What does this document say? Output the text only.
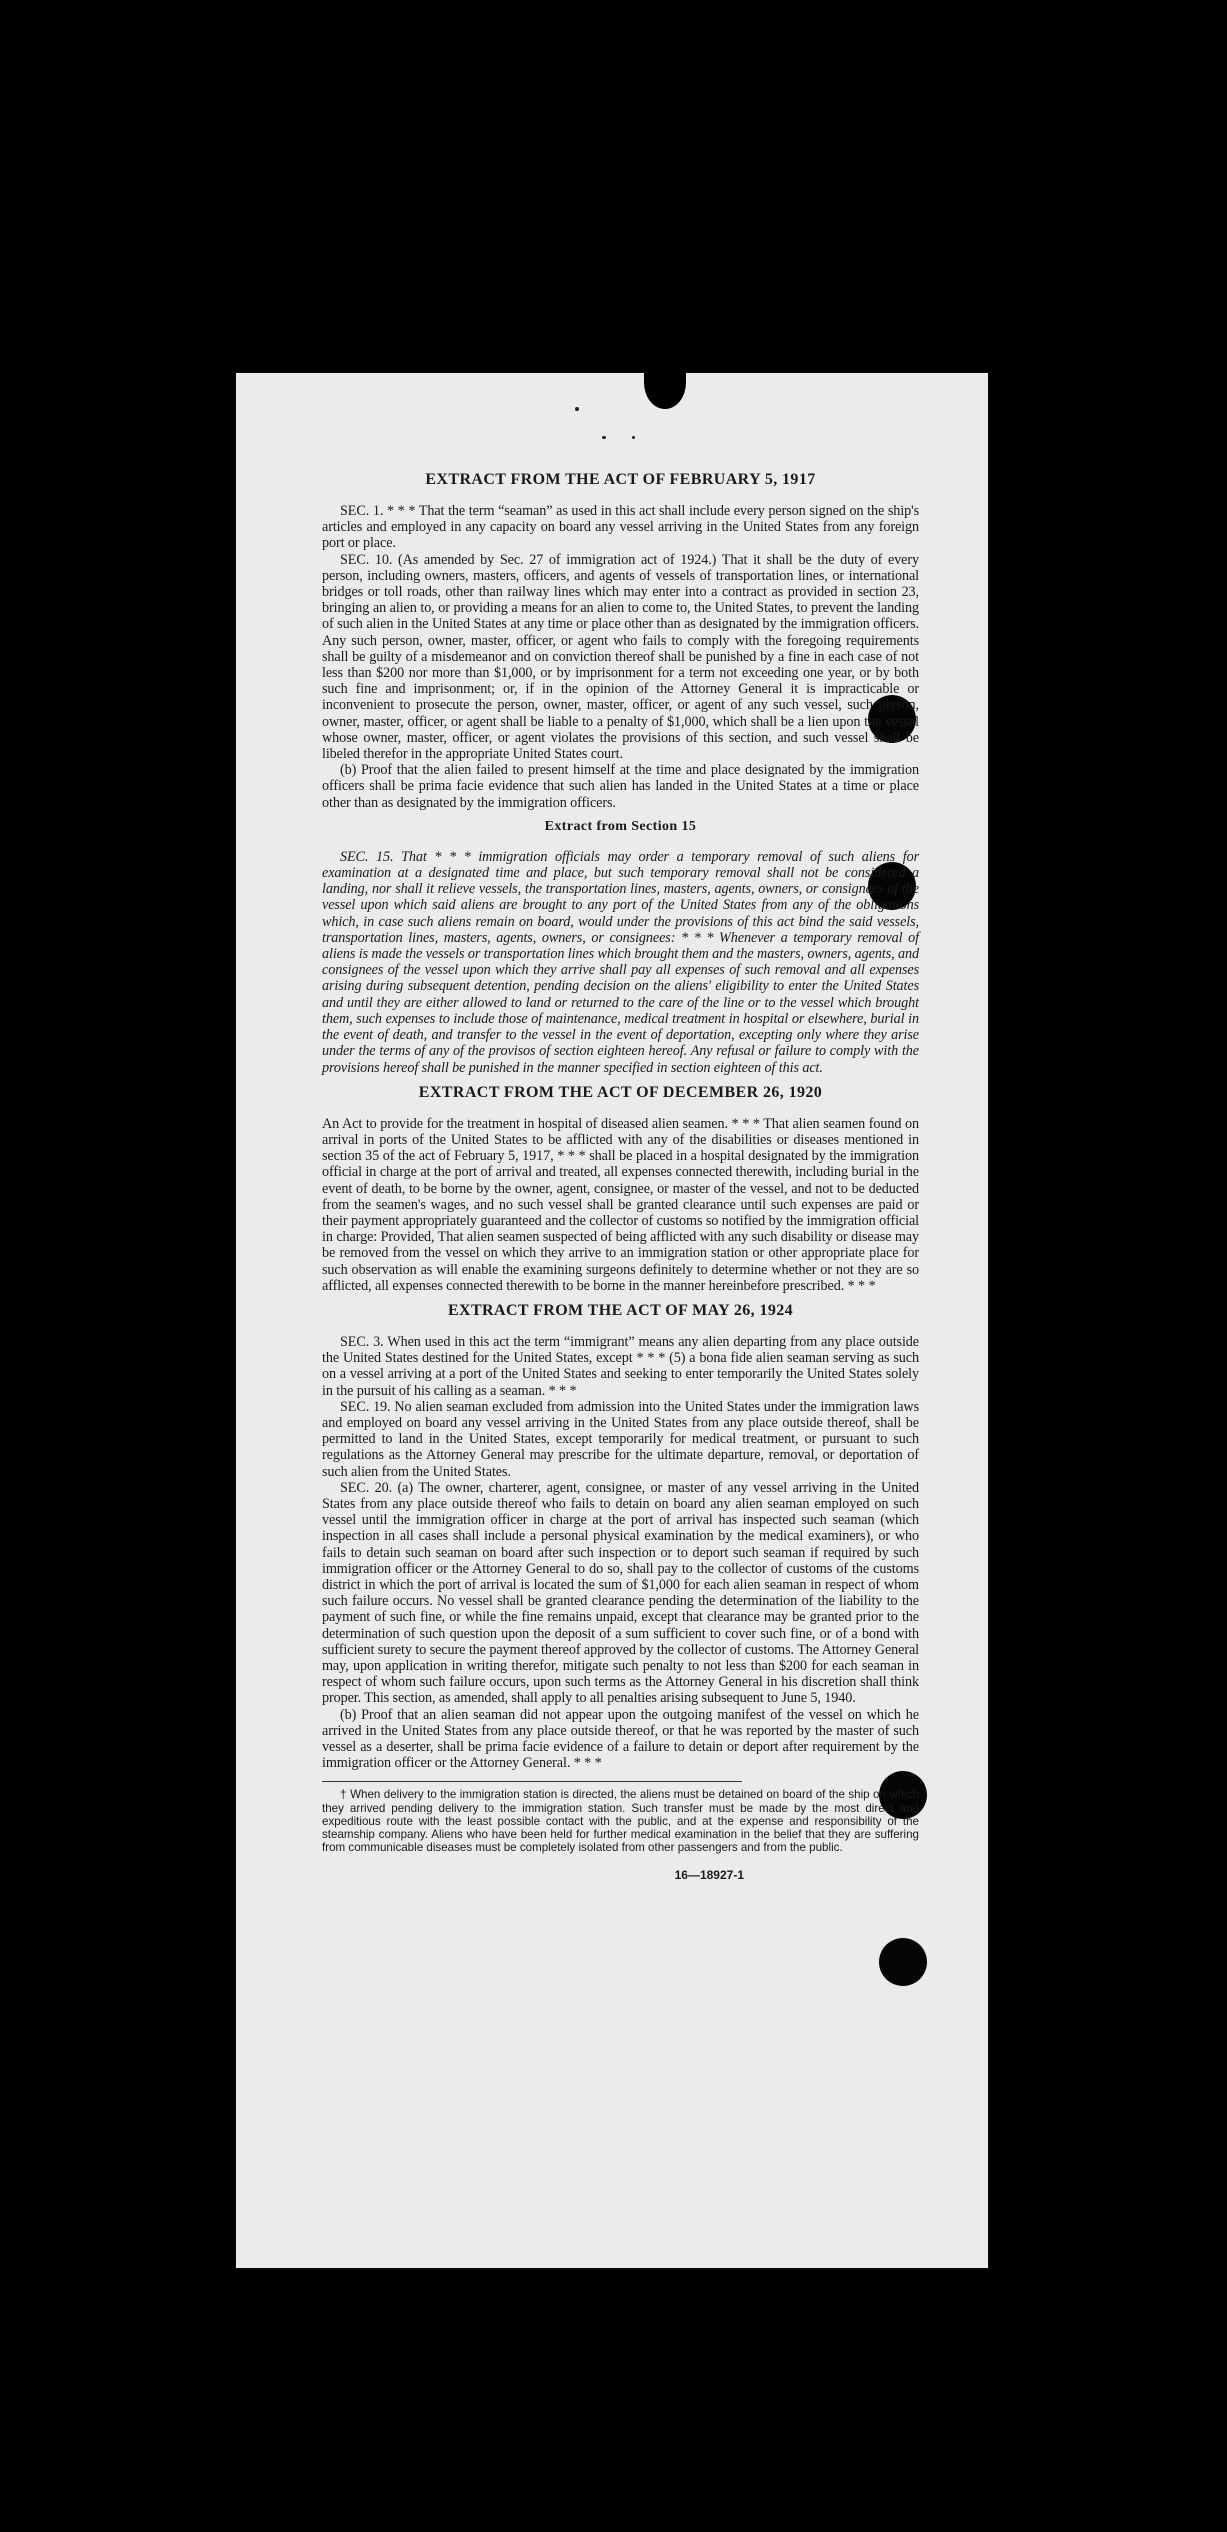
EXTRACT FROM THE ACT OF FEBRUARY 5, 1917

SEC. 1. * * * That the term “seaman” as used in this act shall include every person signed on the ship's articles and employed in any capacity on board any vessel arriving in the United States from any foreign port or place.

SEC. 10. (As amended by Sec. 27 of immigration act of 1924.) That it shall be the duty of every person, including owners, masters, officers, and agents of vessels of transportation lines, or international bridges or toll roads, other than railway lines which may enter into a contract as provided in section 23, bringing an alien to, or providing a means for an alien to come to, the United States, to prevent the landing of such alien in the United States at any time or place other than as designated by the immigration officers. Any such person, owner, master, officer, or agent who fails to comply with the foregoing requirements shall be guilty of a misdemeanor and on conviction thereof shall be punished by a fine in each case of not less than $200 nor more than $1,000, or by imprisonment for a term not exceeding one year, or by both such fine and imprisonment; or, if in the opinion of the Attorney General it is impracticable or inconvenient to prosecute the person, owner, master, officer, or agent of any such vessel, such person, owner, master, officer, or agent shall be liable to a penalty of $1,000, which shall be a lien upon the vessel whose owner, master, officer, or agent violates the provisions of this section, and such vessel shall be libeled therefor in the appropriate United States court.

(b) Proof that the alien failed to present himself at the time and place designated by the immigration officers shall be prima facie evidence that such alien has landed in the United States at a time or place other than as designated by the immigration officers.

Extract from Section 15

SEC. 15. That * * * immigration officials may order a temporary removal of such aliens for examination at a designated time and place, but such temporary removal shall not be considered a landing, nor shall it relieve vessels, the transportation lines, masters, agents, owners, or consignees of the vessel upon which said aliens are brought to any port of the United States from any of the obligations which, in case such aliens remain on board, would under the provisions of this act bind the said vessels, transportation lines, masters, agents, owners, or consignees: * * * Whenever a temporary removal of aliens is made the vessels or transportation lines which brought them and the masters, owners, agents, and consignees of the vessel upon which they arrive shall pay all expenses of such removal and all expenses arising during subsequent detention, pending decision on the aliens' eligibility to enter the United States and until they are either allowed to land or returned to the care of the line or to the vessel which brought them, such expenses to include those of maintenance, medical treatment in hospital or elsewhere, burial in the event of death, and transfer to the vessel in the event of deportation, excepting only where they arise under the terms of any of the provisos of section eighteen hereof. Any refusal or failure to comply with the provisions hereof shall be punished in the manner specified in section eighteen of this act.

EXTRACT FROM THE ACT OF DECEMBER 26, 1920

An Act to provide for the treatment in hospital of diseased alien seamen. * * * That alien seamen found on arrival in ports of the United States to be afflicted with any of the disabilities or diseases mentioned in section 35 of the act of February 5, 1917, * * * shall be placed in a hospital designated by the immigration official in charge at the port of arrival and treated, all expenses connected therewith, including burial in the event of death, to be borne by the owner, agent, consignee, or master of the vessel, and not to be deducted from the seamen's wages, and no such vessel shall be granted clearance until such expenses are paid or their payment appropriately guaranteed and the collector of customs so notified by the immigration official in charge: Provided, That alien seamen suspected of being afflicted with any such disability or disease may be removed from the vessel on which they arrive to an immigration station or other appropriate place for such observation as will enable the examining surgeons definitely to determine whether or not they are so afflicted, all expenses connected therewith to be borne in the manner hereinbefore prescribed. * * *

EXTRACT FROM THE ACT OF MAY 26, 1924

SEC. 3. When used in this act the term “immigrant” means any alien departing from any place outside the United States destined for the United States, except * * * (5) a bona fide alien seaman serving as such on a vessel arriving at a port of the United States and seeking to enter temporarily the United States solely in the pursuit of his calling as a seaman. * * *

SEC. 19. No alien seaman excluded from admission into the United States under the immigration laws and employed on board any vessel arriving in the United States from any place outside thereof, shall be permitted to land in the United States, except temporarily for medical treatment, or pursuant to such regulations as the Attorney General may prescribe for the ultimate departure, removal, or deportation of such alien from the United States.

SEC. 20. (a) The owner, charterer, agent, consignee, or master of any vessel arriving in the United States from any place outside thereof who fails to detain on board any alien seaman employed on such vessel until the immigration officer in charge at the port of arrival has inspected such seaman (which inspection in all cases shall include a personal physical examination by the medical examiners), or who fails to detain such seaman on board after such inspection or to deport such seaman if required by such immigration officer or the Attorney General to do so, shall pay to the collector of customs of the customs district in which the port of arrival is located the sum of $1,000 for each alien seaman in respect of whom such failure occurs. No vessel shall be granted clearance pending the determination of the liability to the payment of such fine, or while the fine remains unpaid, except that clearance may be granted prior to the determination of such question upon the deposit of a sum sufficient to cover such fine, or of a bond with sufficient surety to secure the payment thereof approved by the collector of customs. The Attorney General may, upon application in writing therefor, mitigate such penalty to not less than $200 for each seaman in respect of whom such failure occurs, upon such terms as the Attorney General in his discretion shall think proper. This section, as amended, shall apply to all penalties arising subsequent to June 5, 1940.

(b) Proof that an alien seaman did not appear upon the outgoing manifest of the vessel on which he arrived in the United States from any place outside thereof, or that he was reported by the master of such vessel as a deserter, shall be prima facie evidence of a failure to detain or deport after requirement by the immigration officer or the Attorney General. * * *

† When delivery to the immigration station is directed, the aliens must be detained on board of the ship on which they arrived pending delivery to the immigration station. Such transfer must be made by the most direct and expeditious route with the least possible contact with the public, and at the expense and responsibility of the steamship company. Aliens who have been held for further medical examination in the belief that they are suffering from communicable diseases must be completely isolated from other passengers and from the public.

16—18927-1
